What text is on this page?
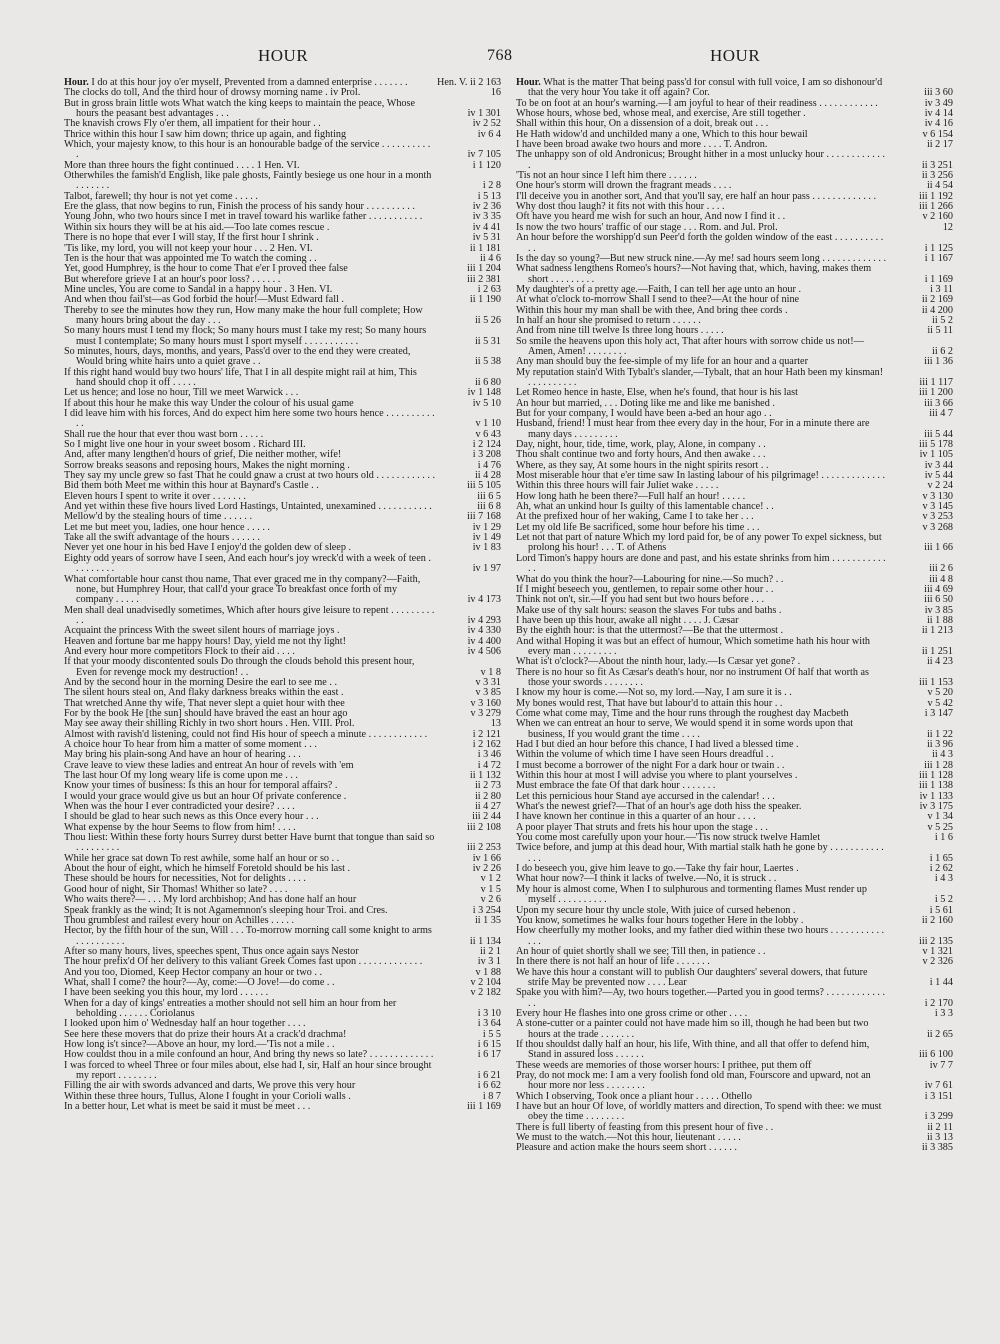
HOUR	768	HOUR
Hour. I do at this hour joy o'er myself, Prevented from a damned enterprise . . . . . . .	Hen. V. ii 2 163
The clocks do toll, And the third hour of drowsy morning name . iv Prol.	16
But in gross brain little wots What watch the king keeps to maintain the peace, Whose hours the peasant best advantages . . .	iv 1 301
The knavish crows Fly o'er them, all impatient for their hour . .	iv 2 52
Thrice within this hour I saw him down; thrice up again, and fighting	iv 6 4
Which, your majesty know, to this hour is an honourable badge of the service . . . . . . . . . . .	iv 7 105
More than three hours the fight continued . . . . 1 Hen. VI.	i 1 120
Otherwhiles the famish'd English, like pale ghosts, Faintly besiege us one hour in a month . . . . . . .	i 2 8
Talbot, farewell; thy hour is not yet come . . . . .	i 5 13
Ere the glass, that now begins to run, Finish the process of his sandy hour . . . . . . . . . .	iv 2 36
Young John, who two hours since I met in travel toward his warlike father . . . . . . . . . . .	iv 3 35
Within six hours they will be at his aid.—Too late comes rescue .	iv 4 41
There is no hope that ever I will stay, If the first hour I shrink .	iv 5 31
'Tis like, my lord, you will not keep your hour . . . 2 Hen. VI.	ii 1 181
Ten is the hour that was appointed me To watch the coming . .	ii 4 6
Yet, good Humphrey, is the hour to come That e'er I proved thee false	iii 1 204
But wherefore grieve I at an hour's poor loss? . . . . . .	iii 2 381
Mine uncles, You are come to Sandal in a happy hour . 3 Hen. VI.	i 2 63
And when thou fail'st—as God forbid the hour!—Must Edward fall .	ii 1 190
Thereby to see the minutes how they run, How many make the hour full complete; How many hours bring about the day . . .	ii 5 26
So many hours must I tend my flock; So many hours must I take my rest; So many hours must I contemplate; So many hours must I sport myself . . . . . . . . . . .	ii 5 31
So minutes, hours, days, months, and years, Pass'd over to the end they were created, Would bring white hairs unto a quiet grave . .	ii 5 38
If this right hand would buy two hours' life, That I in all despite might rail at him, This hand should chop it off . . . . .	ii 6 80
Let us hence; and lose no hour, Till we meet Warwick . . .	iv 1 148
If about this hour he make this way Under the colour of his usual game	iv 5 10
I did leave him with his forces, And do expect him here some two hours hence . . . . . . . . . . . .	v 1 10
Shall rue the hour that ever thou wast born . . . . .	v 6 43
So I might live one hour in your sweet bosom . Richard III.	i 2 124
And, after many lengthen'd hours of grief, Die neither mother, wife!	i 3 208
Sorrow breaks seasons and reposing hours, Makes the night morning .	i 4 76
They say my uncle grew so fast That he could gnaw a crust at two hours old . . . . . . . . . . . .	ii 4 28
Bid them both Meet me within this hour at Baynard's Castle . .	iii 5 105
Eleven hours I spent to write it over . . . . . . .	iii 6 5
And yet within these five hours lived Lord Hastings, Untainted, unexamined . . . . . . . . . . .	iii 6 8
Mellow'd by the stealing hours of time . . . . . .	iii 7 168
Let me but meet you, ladies, one hour hence . . . . .	iv 1 29
Take all the swift advantage of the hours . . . . . .	iv 1 49
Never yet one hour in his bed Have I enjoy'd the golden dew of sleep .	iv 1 83
Eighty odd years of sorrow have I seen, And each hour's joy wreck'd with a week of teen . . . . . . . . .	iv 1 97
What comfortable hour canst thou name, That ever graced me in thy company?—Faith, none, but Humphrey Hour, that call'd your grace To breakfast once forth of my company . . . . .	iv 4 173
Men shall deal unadvisedly sometimes, Which after hours give leisure to repent . . . . . . . . . . .	iv 4 293
Acquaint the princess With the sweet silent hours of marriage joys .	iv 4 330
Heaven and fortune bar me happy hours! Day, yield me not thy light!	iv 4 400
And every hour more competitors Flock to their aid . . . .	iv 4 506
If that your moody discontented souls Do through the clouds behold this present hour, Even for revenge mock my destruction! . .	v 1 8
And by the second hour in the morning Desire the earl to see me . .	v 3 31
The silent hours steal on, And flaky darkness breaks within the east .	v 3 85
That wretched Anne thy wife, That never slept a quiet hour with thee	v 3 160
For by the book He [the sun] should have braved the east an hour ago	v 3 279
May see away their shilling Richly in two short hours . Hen. VIII. Prol.	13
Almost with ravish'd listening, could not find His hour of speech a minute . . . . . . . . . . . .	i 2 121
A choice hour To hear from him a matter of some moment . . .	i 2 162
May bring his plain-song And have an hour of hearing . . .	i 3 46
Crave leave to view these ladies and entreat An hour of revels with 'em	i 4 72
The last hour Of my long weary life is come upon me . . .	ii 1 132
Know your times of business: Is this an hour for temporal affairs? .	ii 2 73
I would your grace would give us but an hour Of private conference .	ii 2 80
When was the hour I ever contradicted your desire? . . . .	ii 4 27
I should be glad to hear such news as this Once every hour . . .	iii 2 44
What expense by the hour Seems to flow from him! . . . .	iii 2 108
Thou liest: Within these forty hours Surrey durst better Have burnt that tongue than said so . . . . . . . . .	iii 2 253
While her grace sat down To rest awhile, some half an hour or so . .	iv 1 66
About the hour of eight, which he himself Foretold should be his last .	iv 2 26
These should be hours for necessities, Not for delights . . . .	v 1 2
Good hour of night, Sir Thomas! Whither so late? . . . .	v 1 5
Who waits there?— . . . My lord archbishop; And has done half an hour	v 2 6
Speak frankly as the wind; It is not Agamemnon's sleeping hour Troi. and Cres.	i 3 254
Thou grumblest and railest every hour on Achilles . . . . .	ii 1 35
Hector, by the fifth hour of the sun, Will . . . To-morrow morning call some knight to arms . . . . . . . . . .	ii 1 134
After so many hours, lives, speeches spent, Thus once again says Nestor	ii 2 1
The hour prefix'd Of her delivery to this valiant Greek Comes fast upon . . . . . . . . . . . . .	iv 3 1
And you too, Diomed, Keep Hector company an hour or two . .	v 1 88
What, shall I come? the hour?—Ay, come:—O Jove!—do come . .	v 2 104
I have been seeking you this hour, my lord . . . . . .	v 2 182
When for a day of kings' entreaties a mother should not sell him an hour from her beholding . . . . . . Coriolanus	i 3 10
I looked upon him o' Wednesday half an hour together . . . .	i 3 64
See here these movers that do prize their hours At a crack'd drachma!	i 5 5
How long is't since?—Above an hour, my lord.—'Tis not a mile . .	i 6 15
How couldst thou in a mile confound an hour, And bring thy news so late? . . . . . . . . . . . . .	i 6 17
I was forced to wheel Three or four miles about, else had I, sir, Half an hour since brought my report . . . . . . . .	i 6 21
Filling the air with swords advanced and darts, We prove this very hour	i 6 62
Within these three hours, Tullus, Alone I fought in your Corioli walls .	i 8 7
In a better hour, Let what is meet be said it must be meet . . .	iii 1 169
Hour. What is the matter That being pass'd for consul with full voice, I am so dishonour'd that the very hour You take it off again? Cor.	iii 3 60
To be on foot at an hour's warning.—I am joyful to hear of their readiness . . . . . . . . . . . .	iv 3 49
Whose hours, whose bed, whose meal, and exercise, Are still together .	iv 4 14
Shall within this hour, On a dissension of a doit, break out . . .	iv 4 16
He Hath widow'd and unchilded many a one, Which to this hour bewail	v 6 154
I have been broad awake two hours and more . . . . T. Andron.	ii 2 17
The unhappy son of old Andronicus; Brought hither in a most unlucky hour . . . . . . . . . . . . .	ii 3 251
'Tis not an hour since I left him there . . . . . .	ii 3 256
One hour's storm will drown the fragrant meads . . . .	ii 4 54
I'll deceive you in another sort, And that you'll say, ere half an hour pass . . . . . . . . . . . . .	iii 1 192
Why dost thou laugh? it fits not with this hour . . . .	iii 1 266
Oft have you heard me wish for such an hour, And now I find it . .	v 2 160
Is now the two hours' traffic of our stage . . . Rom. and Jul. Prol.	12
An hour before the worshipp'd sun Peer'd forth the golden window of the east . . . . . . . . . . . .	i 1 125
Is the day so young?—But new struck nine.—Ay me! sad hours seem long . . . . . . . . . . . . .	i 1 167
What sadness lengthens Romeo's hours?—Not having that, which, having, makes them short . . . . . . . . .	i 1 169
My daughter's of a pretty age.—Faith, I can tell her age unto an hour .	i 3 11
At what o'clock to-morrow Shall I send to thee?—At the hour of nine	ii 2 169
Within this hour my man shall be with thee, And bring thee cords .	ii 4 200
In half an hour she promised to return . . . . . .	ii 5 2
And from nine till twelve Is three long hours . . . . .	ii 5 11
So smile the heavens upon this holy act, That after hours with sorrow chide us not!—Amen, Amen! . . . . . . . .	ii 6 2
Any man should buy the fee-simple of my life for an hour and a quarter	iii 1 36
My reputation stain'd With Tybalt's slander,—Tybalt, that an hour Hath been my kinsman! . . . . . . . . . .	iii 1 117
Let Romeo hence in haste, Else, when he's found, that hour is his last	iii 1 200
An hour but married, . . . Doting like me and like me banished .	iii 3 66
But for your company, I would have been a-bed an hour ago . .	iii 4 7
Husband, friend! I must hear from thee every day in the hour, For in a minute there are many days . . . . . . . . .	iii 5 44
Day, night, hour, tide, time, work, play, Alone, in company . .	iii 5 178
Thou shalt continue two and forty hours, And then awake . . .	iv 1 105
Where, as they say, At some hours in the night spirits resort . .	iv 3 44
Most miserable hour that e'er time saw In lasting labour of his pilgrimage! . . . . . . . . . . . . .	iv 5 44
Within this three hours will fair Juliet wake . . . . .	v 2 24
How long hath he been there?—Full half an hour! . . . . .	v 3 130
Ah, what an unkind hour Is guilty of this lamentable chance! . .	v 3 145
At the prefixed hour of her waking, Came I to take her . . .	v 3 253
Let my old life Be sacrificed, some hour before his time . . .	v 3 268
Let not that part of nature Which my lord paid for, be of any power To expel sickness, but prolong his hour! . . . T. of Athens	iii 1 66
Lord Timon's happy hours are done and past, and his estate shrinks from him . . . . . . . . . . . . .	iii 2 6
What do you think the hour?—Labouring for nine.—So much? . .	iii 4 8
If I might beseech you, gentlemen, to repair some other hour . .	iii 4 69
Think not on't, sir.—If you had sent but two hours before . . .	iii 6 50
Make use of thy salt hours: season the slaves For tubs and baths .	iv 3 85
I have been up this hour, awake all night . . . . J. Cæsar	ii 1 88
By the eighth hour: is that the uttermost?—Be that the uttermost .	ii 1 213
And withal Hoping it was but an effect of humour, Which sometime hath his hour with every man . . . . . . . . .	ii 1 251
What is't o'clock?—About the ninth hour, lady.—Is Cæsar yet gone? .	ii 4 23
There is no hour so fit As Cæsar's death's hour, nor no instrument Of half that worth as those your swords . . . . . . . .	iii 1 153
I know my hour is come.—Not so, my lord.—Nay, I am sure it is . .	v 5 20
My bones would rest, That have but labour'd to attain this hour . .	v 5 42
Come what come may, Time and the hour runs through the roughest day Macbeth	i 3 147
When we can entreat an hour to serve, We would spend it in some words upon that business, If you would grant the time . . . .	ii 1 22
Had I but died an hour before this chance, I had lived a blessed time .	ii 3 96
Within the volume of which time I have seen Hours dreadful . .	ii 4 3
I must become a borrower of the night For a dark hour or twain . .	iii 1 28
Within this hour at most I will advise you where to plant yourselves .	iii 1 128
Must embrace the fate Of that dark hour . . . . . . .	iii 1 138
Let this pernicious hour Stand aye accursed in the calendar! . . .	iv 1 133
What's the newest grief?—That of an hour's age doth hiss the speaker.	iv 3 175
I have known her continue in this a quarter of an hour . . . .	v 1 34
A poor player That struts and frets his hour upon the stage . . .	v 5 25
You come most carefully upon your hour.—'Tis now struck twelve Hamlet	i 1 6
Twice before, and jump at this dead hour, With martial stalk hath he gone by . . . . . . . . . . . . . .	i 1 65
I do beseech you, give him leave to go.—Take thy fair hour, Laertes .	i 2 62
What hour now?—I think it lacks of twelve.—No, it is struck . .	i 4 3
My hour is almost come, When I to sulphurous and tormenting flames Must render up myself . . . . . . . . . .	i 5 2
Upon my secure hour thy uncle stole, With juice of cursed hebenon .	i 5 61
You know, sometimes he walks four hours together Here in the lobby .	ii 2 160
How cheerfully my mother looks, and my father died within these two hours . . . . . . . . . . . . . .	iii 2 135
An hour of quiet shortly shall we see; Till then, in patience . .	v 1 321
In there there is not half an hour of life . . . . . . .	v 2 326
We have this hour a constant will to publish Our daughters' several dowers, that future strife May be prevented now . . . . Lear	i 1 44
Spake you with him?—Ay, two hours together.—Parted you in good terms? . . . . . . . . . . . . . .	i 2 170
Every hour He flashes into one gross crime or other . . . .	i 3 3
A stone-cutter or a painter could not have made him so ill, though he had been but two hours at the trade . . . . . . .	ii 2 65
If thou shouldst dally half an hour, his life, With thine, and all that offer to defend him, Stand in assured loss . . . . . .	iii 6 100
These weeds are memories of those worser hours: I prithee, put them off	iv 7 7
Pray, do not mock me: I am a very foolish fond old man, Fourscore and upward, not an hour more nor less . . . . . . . .	iv 7 61
Which I observing, Took once a pliant hour . . . . . Othello	i 3 151
I have but an hour Of love, of worldly matters and direction, To spend with thee: we must obey the time . . . . . . . .	i 3 299
There is full liberty of feasting from this present hour of five . .	ii 2 11
We must to the watch.—Not this hour, lieutenant . . . . .	ii 3 13
Pleasure and action make the hours seem short . . . . . .	ii 3 385
